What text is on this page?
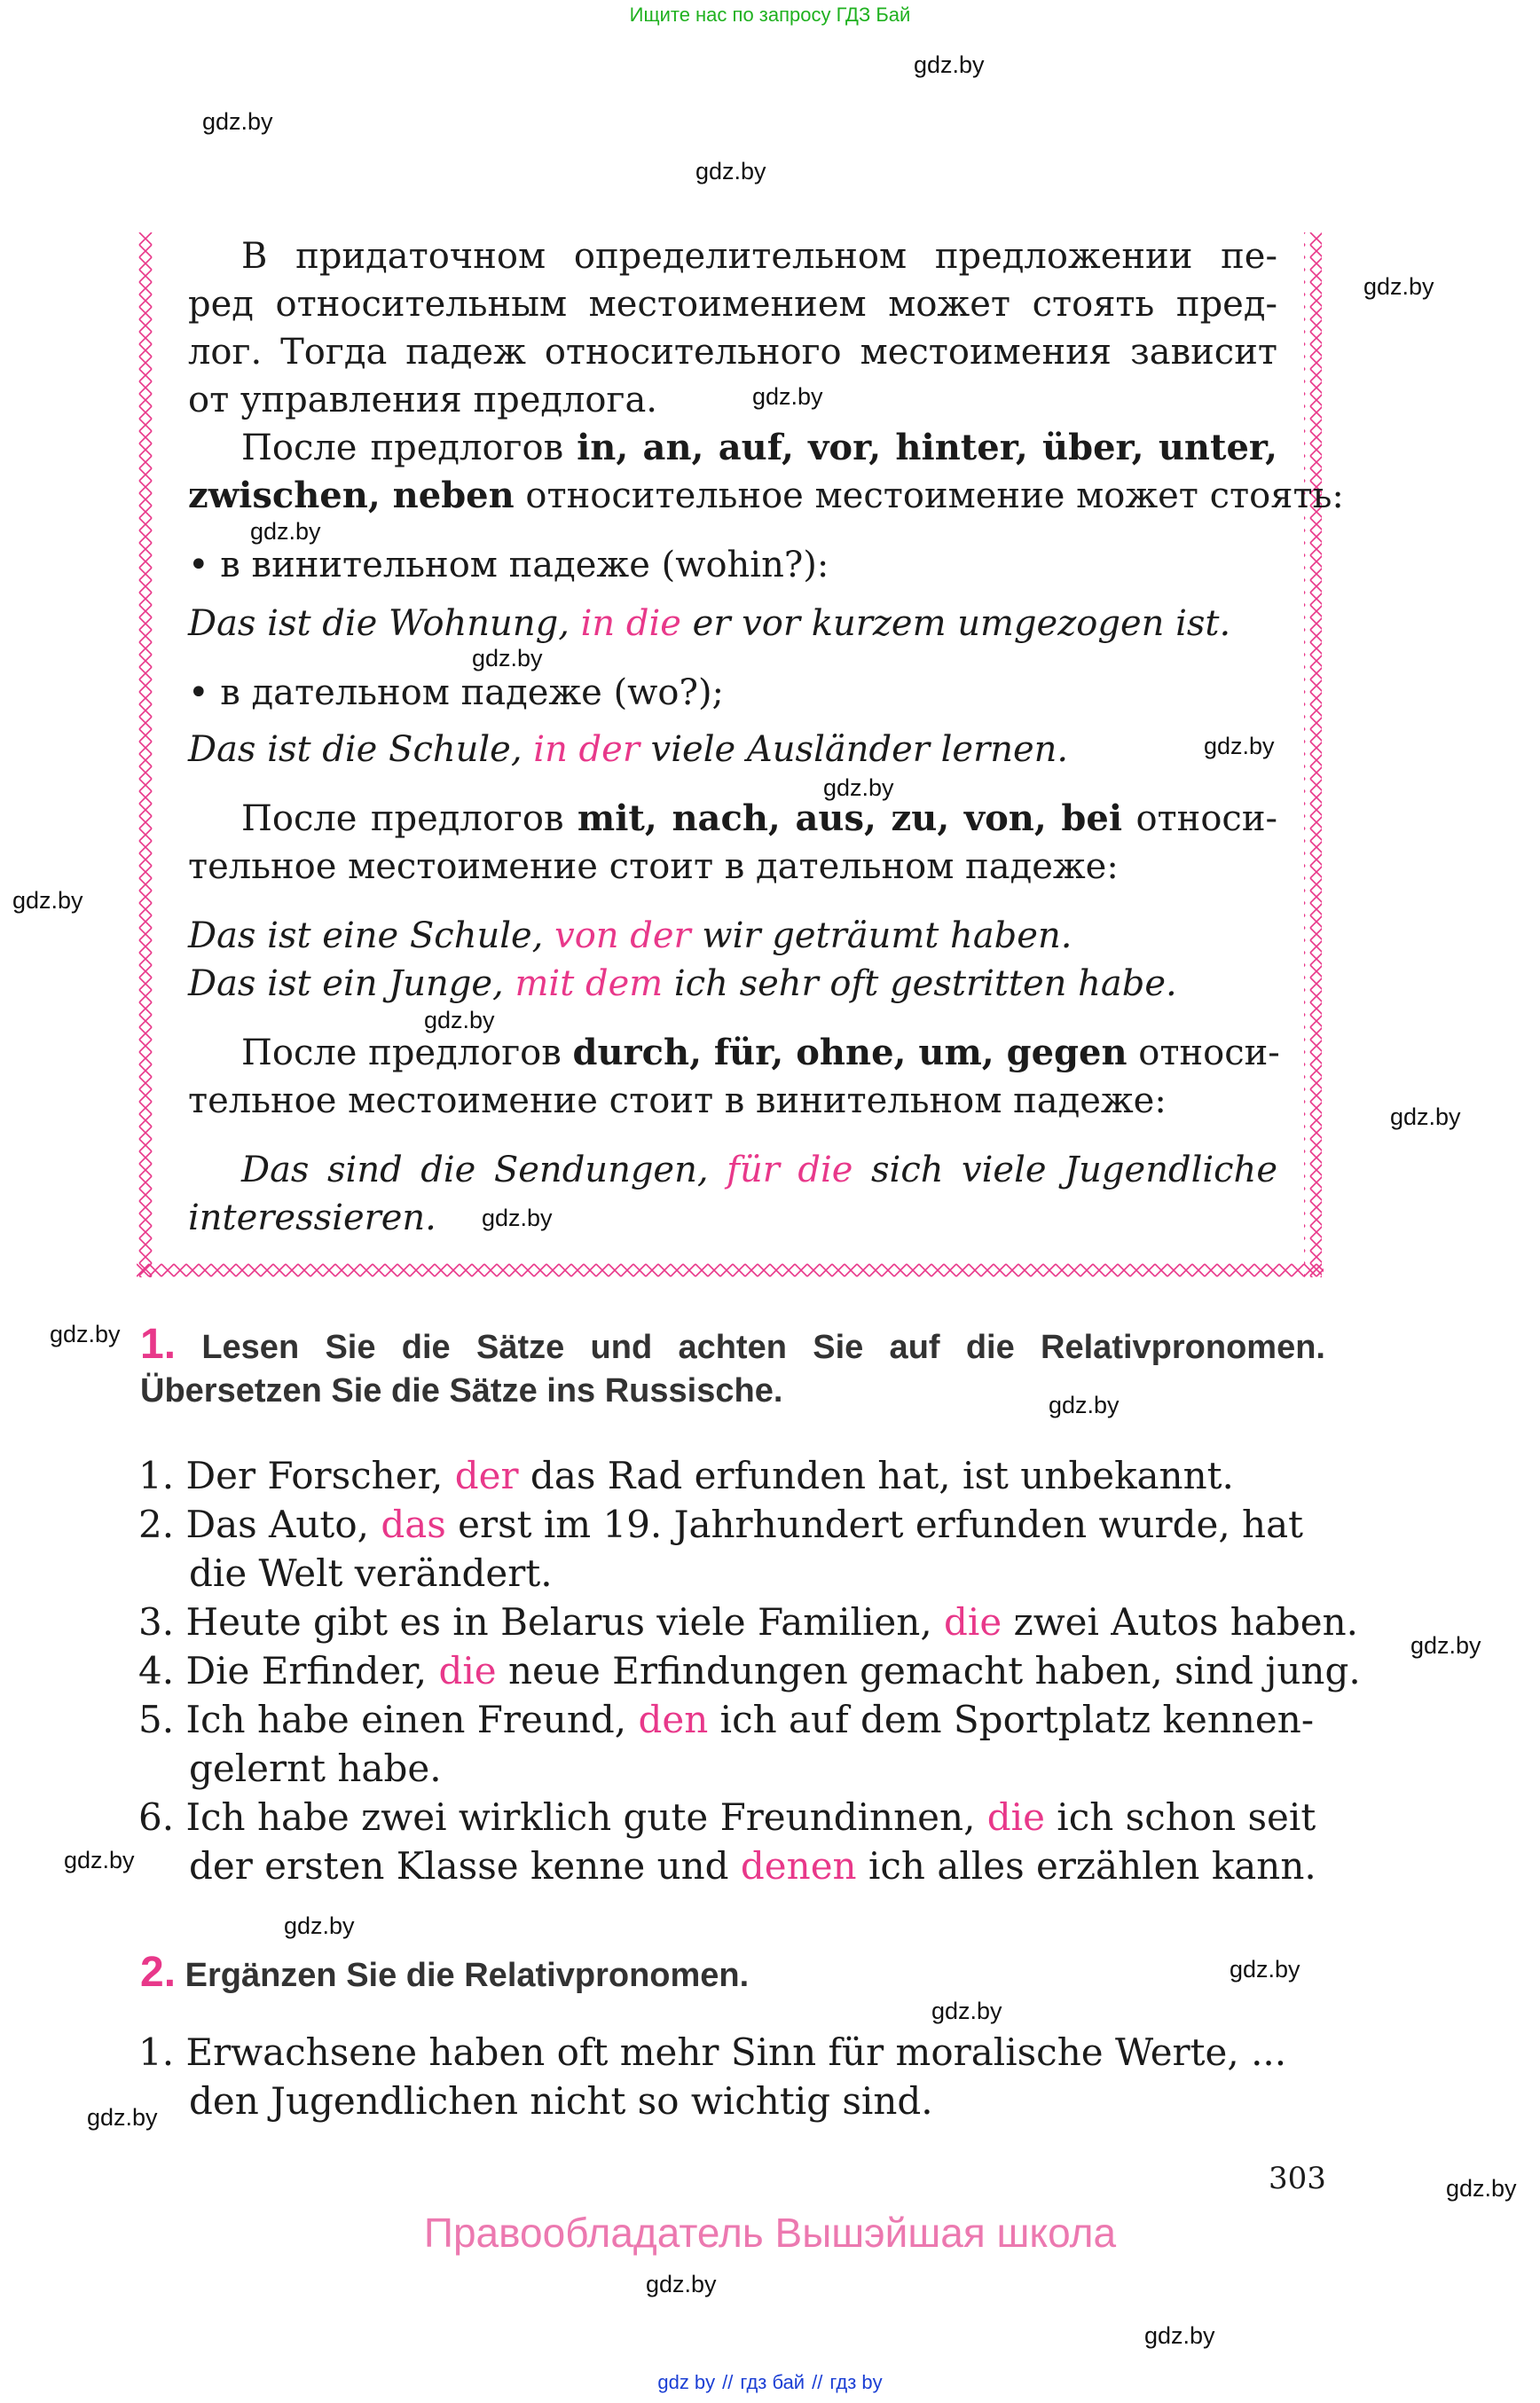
Ищите нас по запросу ГДЗ Бай
gdz.by
gdz.by
gdz.by
gdz.by
gdz.by
gdz.by
gdz.by
gdz.by
gdz.by
gdz.by
gdz.by
gdz.by
gdz.by
gdz.by
gdz.by
gdz.by
gdz.by
gdz.by
gdz.by
gdz.by
gdz.by
gdz.by
gdz.by
gdz.by
В придаточном определительном предложении пе-
ред относительным местоимением может стоять пред-
лог. Тогда падеж относительного местоимения зависит
от управления предлога.
После предлогов in, an, auf, vor, hinter, über, unter,
zwischen, neben относительное местоимение может стоять:
• в винительном падеже (wohin?):
Das ist die Wohnung, in die er vor kurzem umgezogen ist.
• в дательном падеже (wo?);
Das ist die Schule, in der viele Ausländer lernen.
После предлогов mit, nach, aus, zu, von, bei относи-
тельное местоимение стоит в дательном падеже:
Das ist eine Schule, von der wir geträumt haben.
Das ist ein Junge, mit dem ich sehr oft gestritten habe.
После предлогов durch, für, ohne, um, gegen относи-
тельное местоимение стоит в винительном падеже:
Das sind die Sendungen, für die sich viele Jugendliche
interessieren.
1. Lesen Sie die Sätze und achten Sie auf die Relativpronomen.
Übersetzen Sie die Sätze ins Russische.
1. Der Forscher, der das Rad erfunden hat, ist unbekannt.
2. Das Auto, das erst im 19. Jahrhundert erfunden wurde, hat
die Welt verändert.
3. Heute gibt es in Belarus viele Familien, die zwei Autos haben.
4. Die Erfinder, die neue Erfindungen gemacht haben, sind jung.
5. Ich habe einen Freund, den ich auf dem Sportplatz kennen-
gelernt habe.
6. Ich habe zwei wirklich gute Freundinnen, die ich schon seit
der ersten Klasse kenne und denen ich alles erzählen kann.
2. Ergänzen Sie die Relativpronomen.
1. Erwachsene haben oft mehr Sinn für moralische Werte, ...
den Jugendlichen nicht so wichtig sind.
303
Правообладатель Вышэйшая школа
gdz by // гдз бай // гдз by
